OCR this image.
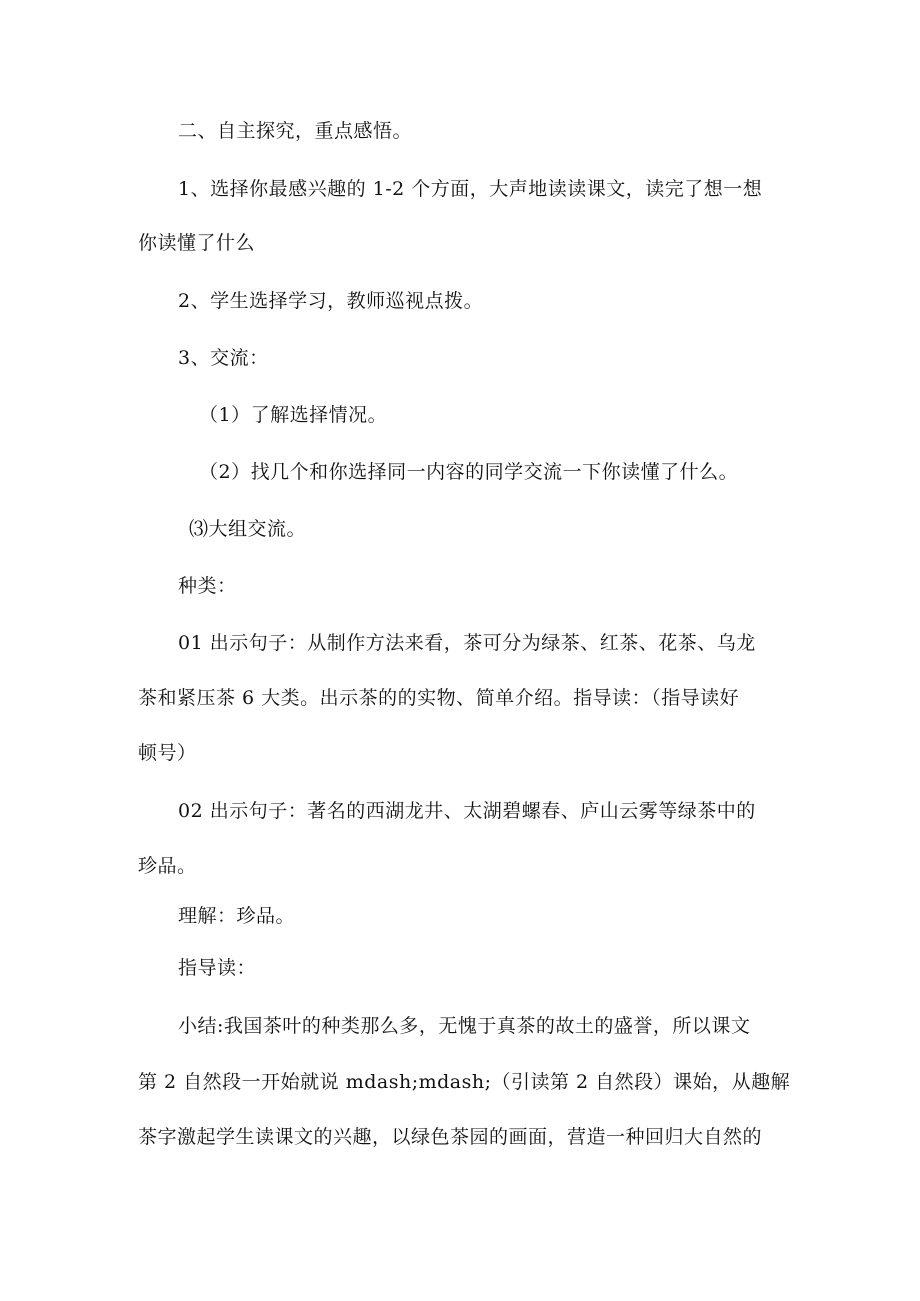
二、自主探究，重点感悟。
1、选择你最感兴趣的 1-2 个方面，大声地读读课文，读完了想一想
你读懂了什么
2、学生选择学习，教师巡视点拨。
3、交流：
（1）了解选择情况。
（2）找几个和你选择同一内容的同学交流一下你读懂了什么。
⑶大组交流。
种类：
01 出示句子：从制作方法来看，茶可分为绿茶、红茶、花茶、乌龙
茶和紧压茶 6 大类。出示茶的的实物、简单介绍。指导读：（指导读好
顿号）
02 出示句子：著名的西湖龙井、太湖碧螺春、庐山云雾等绿茶中的
珍品。
理解：珍品。
指导读：
小结:我国茶叶的种类那么多，无愧于真茶的故土的盛誉，所以课文
第 2 自然段一开始就说 mdash;mdash;（引读第 2 自然段）课始，从趣解
茶字激起学生读课文的兴趣，以绿色茶园的画面，营造一种回归大自然的
